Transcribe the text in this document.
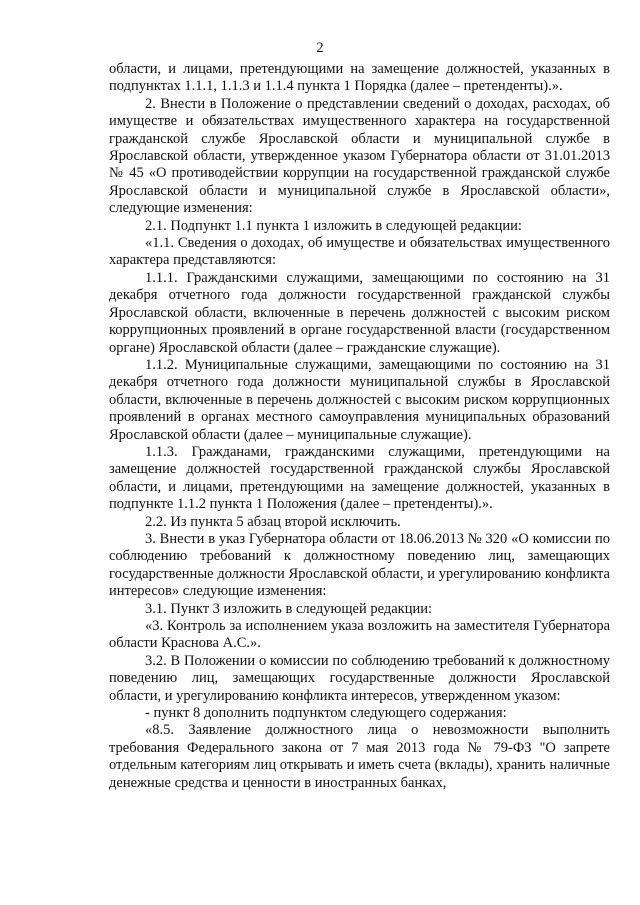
2

области, и лицами, претендующими на замещение должностей, указанных в подпунктах 1.1.1, 1.1.3 и 1.1.4 пункта 1 Порядка (далее – претенденты).».

2. Внести в Положение о представлении сведений о доходах, расходах, об имуществе и обязательствах имущественного характера на государственной гражданской службе Ярославской области и муниципальной службе в Ярославской области, утвержденное указом Губернатора области от 31.01.2013 № 45 «О противодействии коррупции на государственной гражданской службе Ярославской области и муниципальной службе в Ярославской области», следующие изменения:

2.1. Подпункт 1.1 пункта 1 изложить в следующей редакции:

«1.1. Сведения о доходах, об имуществе и обязательствах имущественного характера представляются:

1.1.1. Гражданскими служащими, замещающими по состоянию на 31 декабря отчетного года должности государственной гражданской службы Ярославской области, включенные в перечень должностей с высоким риском коррупционных проявлений в органе государственной власти (государственном органе) Ярославской области (далее – гражданские служащие).

1.1.2. Муниципальные служащими, замещающими по состоянию на 31 декабря отчетного года должности муниципальной службы в Ярославской области, включенные в перечень должностей с высоким риском коррупционных проявлений в органах местного самоуправления муниципальных образований Ярославской области (далее – муниципальные служащие).

1.1.3. Гражданами, гражданскими служащими, претендующими на замещение должностей государственной гражданской службы Ярославской области, и лицами, претендующими на замещение должностей, указанных в подпункте 1.1.2 пункта 1 Положения (далее – претенденты).».

2.2. Из пункта 5 абзац второй исключить.

3. Внести в указ Губернатора области от 18.06.2013 № 320 «О комиссии по соблюдению требований к должностному поведению лиц, замещающих государственные должности Ярославской области, и урегулированию конфликта интересов» следующие изменения:

3.1. Пункт 3 изложить в следующей редакции:

«3. Контроль за исполнением указа возложить на заместителя Губернатора области Краснова А.С.».

3.2. В Положении о комиссии по соблюдению требований к должностному поведению лиц, замещающих государственные должности Ярославской области, и урегулированию конфликта интересов, утвержденном указом:

- пункт 8 дополнить подпунктом следующего содержания:

«8.5. Заявление должностного лица о невозможности выполнить требования Федерального закона от 7 мая 2013 года № 79-ФЗ "О запрете отдельным категориям лиц открывать и иметь счета (вклады), хранить наличные денежные средства и ценности в иностранных банках,
